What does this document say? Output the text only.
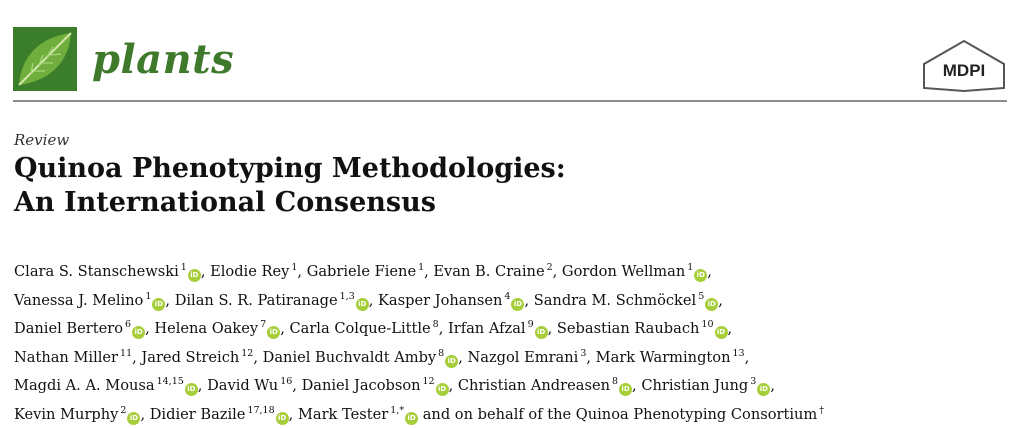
plants	MDPI
Review
Quinoa Phenotyping Methodologies:
An International Consensus
Clara S. Stanschewski $^1$iD , Elodie Rey $^1$, Gabriele Fiene $^1$, Evan B. Craine $^2$, Gordon Wellman $^1$iD ,
Vanessa J. Melino $^1$iD , Dilan S. R. Patiranage $^{1,3}$iD , Kasper Johansen $^4$iD , Sandra M. Schmöckel $^5$iD ,
Daniel Bertero $^6$iD , Helena Oakey $^7$iD , Carla Colque-Little $^8$, Irfan Afzal $^9$iD , Sebastian Raubach $^{10}$iD ,
Nathan Miller $^{11}$, Jared Streich $^{12}$, Daniel Buchvaldt Amby $^8$iD , Nazgol Emrani $^3$, Mark Warmington $^{13}$,
Magdi A. A. Mousa $^{14,15}$iD , David Wu $^{16}$, Daniel Jacobson $^{12}$iD , Christian Andreasen $^8$iD , Christian Jung $^3$iD ,
Kevin Murphy $^2$iD , Didier Bazile $^{17,18}$iD , Mark Tester $^{1,*}$iD and on behalf of the Quinoa Phenotyping Consortium †
